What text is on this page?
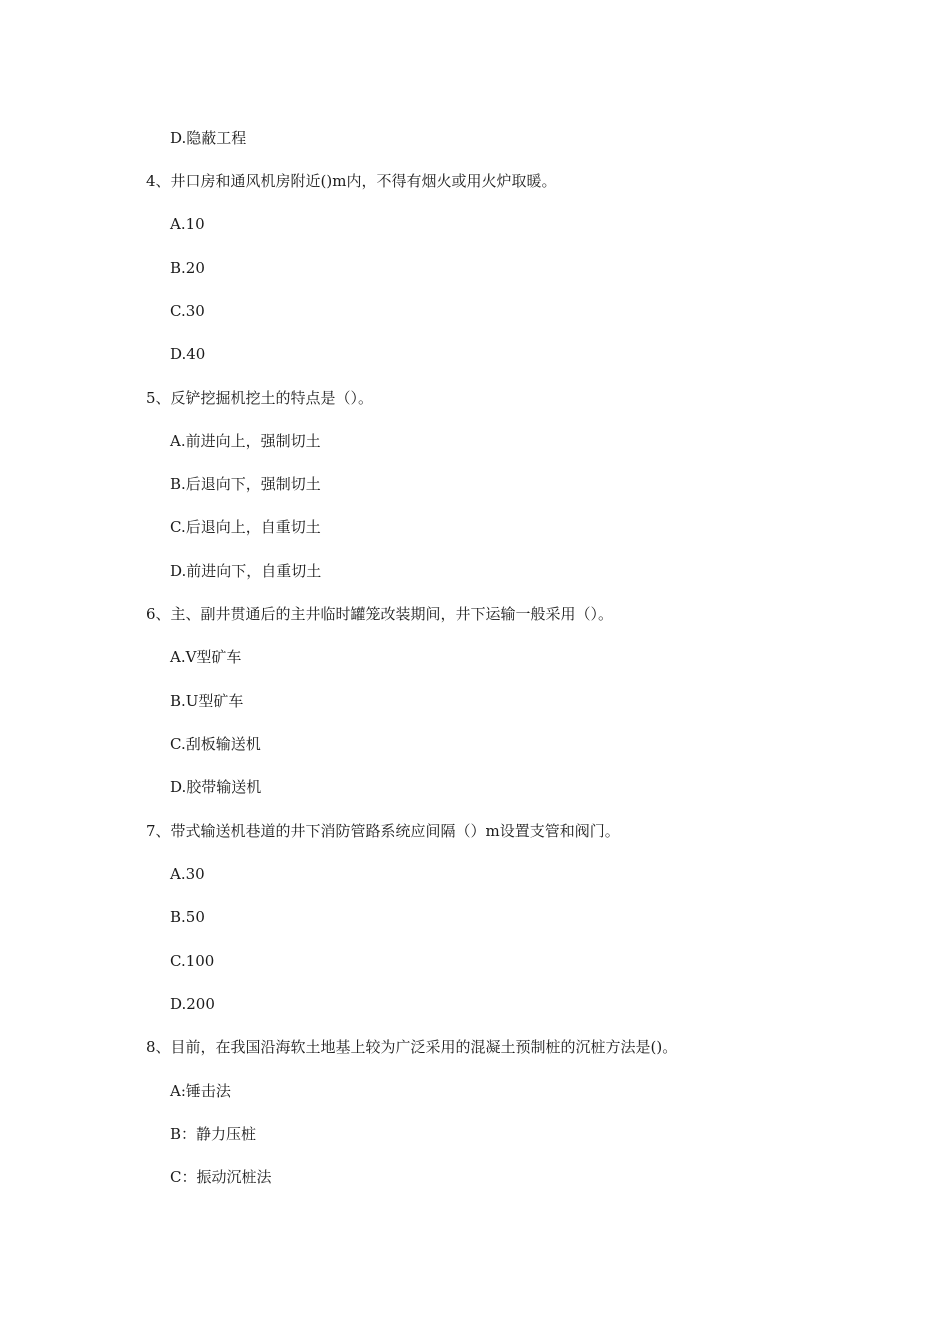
D.隐蔽工程
4、井口房和通风机房附近()m内，不得有烟火或用火炉取暖。
A.10
B.20
C.30
D.40
5、反铲挖掘机挖土的特点是（）。
A.前进向上，强制切土
B.后退向下，强制切土
C.后退向上，自重切土
D.前进向下，自重切土
6、主、副井贯通后的主井临时罐笼改装期间，井下运输一般采用（）。
A.V型矿车
B.U型矿车
C.刮板输送机
D.胶带输送机
7、带式输送机巷道的井下消防管路系统应间隔（）m设置支管和阀门。
A.30
B.50
C.100
D.200
8、目前，在我国沿海软土地基上较为广泛采用的混凝土预制桩的沉桩方法是()。
A:锤击法
B：静力压桩
C：振动沉桩法
